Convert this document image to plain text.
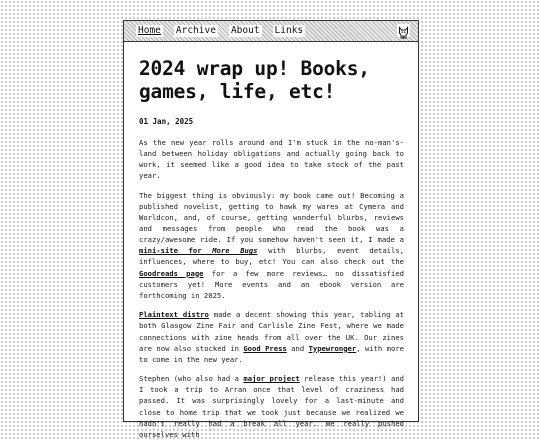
Home Archive About Links
2024 wrap up! Books, games, life, etc!
01 Jan, 2025

As the new year rolls around and I'm stuck in the no-man's-land between holiday obligations and actually going back to work, it seemed like a good idea to take stock of the past year.

The biggest thing is obviously: my book came out! Becoming a published novelist, getting to hawk my wares at Cymera and Worldcon, and, of course, getting wonderful blurbs, reviews and messages from people who read the book was a crazy/awesome ride. If you somehow haven't seen it, I made a mini-site for More Bugs with blurbs, event details, influences, where to buy, etc! You can also check out the Goodreads page for a few more reviews… no dissatisfied customers yet! More events and an ebook version are forthcoming in 2025.

Plaintext distro made a decent showing this year, tabling at both Glasgow Zine Fair and Carlisle Zine Fest, where we made connections with zine heads from all over the UK. Our zines are now also stocked in Good Press and Typewronger, with more to come in the new year.

Stephen (who also had a major project release this year!) and I took a trip to Arran once that level of craziness had passed. It was surprisingly lovely for a last-minute and close to home trip that we took just because we realized we hadn't really had a break all year. We really pushed ourselves with
